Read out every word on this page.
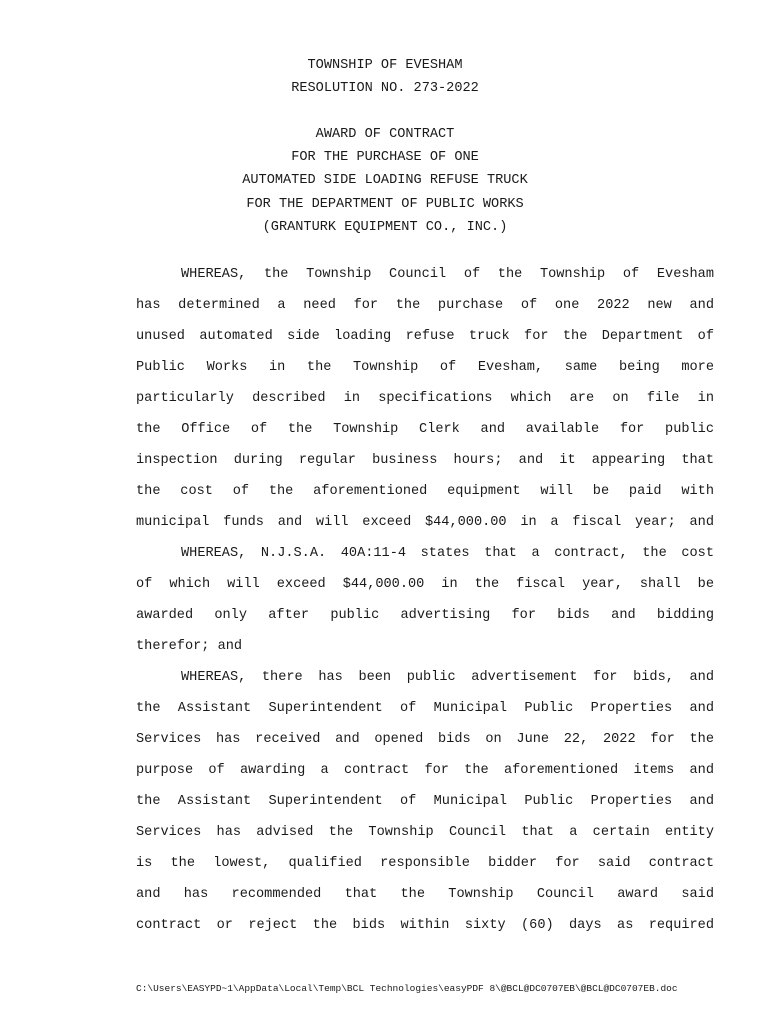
TOWNSHIP OF EVESHAM
RESOLUTION NO. 273-2022
AWARD OF CONTRACT
FOR THE PURCHASE OF ONE
AUTOMATED SIDE LOADING REFUSE TRUCK
FOR THE DEPARTMENT OF PUBLIC WORKS
(GRANTURK EQUIPMENT CO., INC.)
WHEREAS, the Township Council of the Township of Evesham
has determined a need for the purchase of one 2022 new and
unused automated side loading refuse truck for the Department of
Public Works in the Township of Evesham, same being more
particularly described in specifications which are on file in
the Office of the Township Clerk and available for public
inspection during regular business hours; and it appearing that
the cost of the aforementioned equipment will be paid with
municipal funds and will exceed $44,000.00 in a fiscal year; and
WHEREAS, N.J.S.A. 40A:11-4 states that a contract, the cost
of which will exceed $44,000.00 in the fiscal year, shall be
awarded only after public advertising for bids and bidding
therefor; and
WHEREAS, there has been public advertisement for bids, and
the Assistant Superintendent of Municipal Public Properties and
Services has received and opened bids on June 22, 2022 for the
purpose of awarding a contract for the aforementioned items and
the Assistant Superintendent of Municipal Public Properties and
Services has advised the Township Council that a certain entity
is the lowest, qualified responsible bidder for said contract
and has recommended that the Township Council award said
contract or reject the bids within sixty (60) days as required
C:\Users\EASYPD~1\AppData\Local\Temp\BCL Technologies\easyPDF 8\@BCL@DC0707EB\@BCL@DC0707EB.doc
